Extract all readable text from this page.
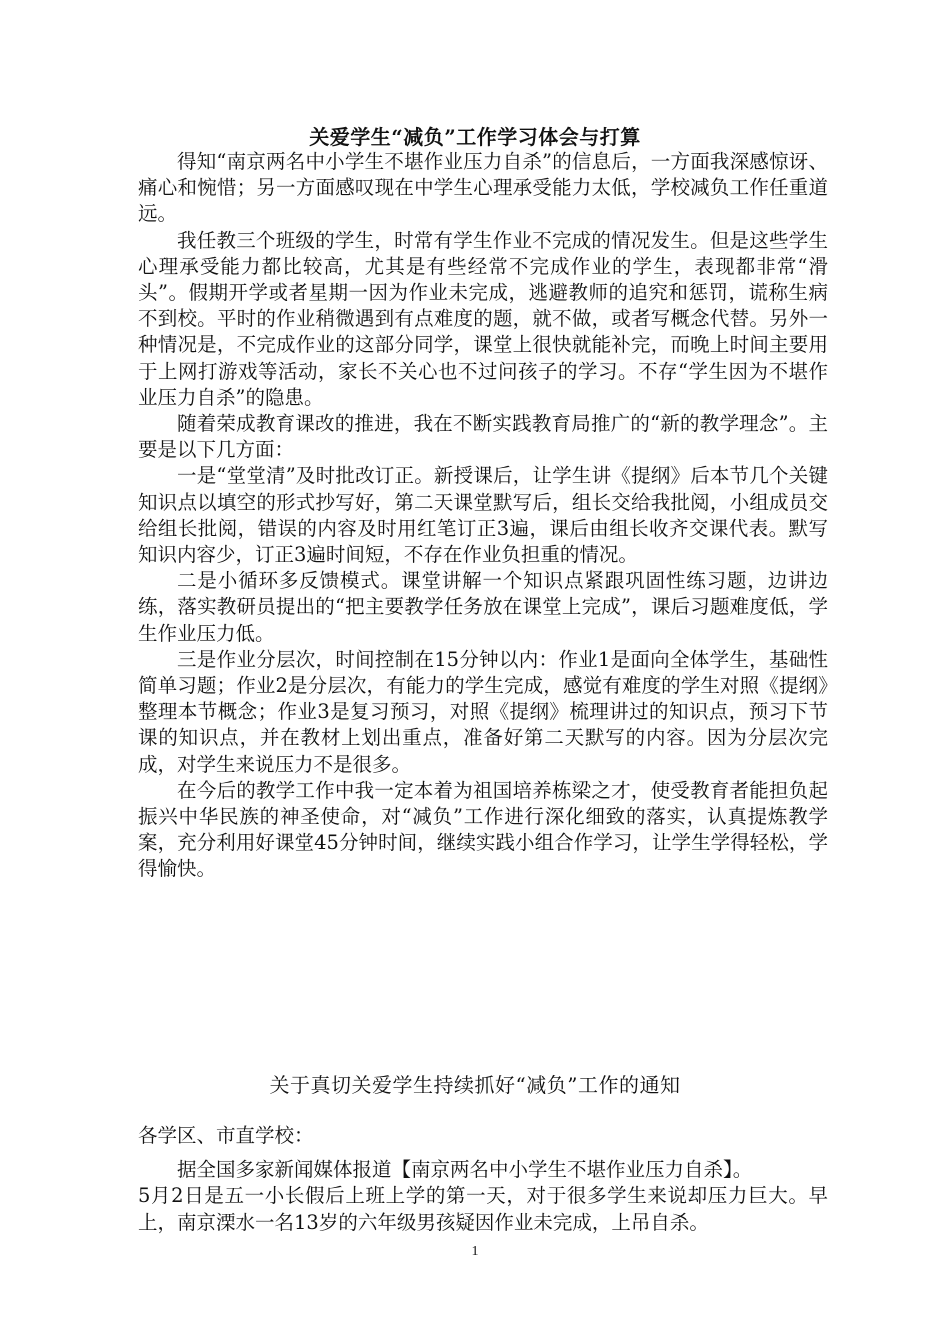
关爱学生“减负”工作学习体会与打算

得知“南京两名中小学生不堪作业压力自杀”的信息后，一方面我深感惊讶、痛心和惋惜；另一方面感叹现在中学生心理承受能力太低，学校减负工作任重道远。

我任教三个班级的学生，时常有学生作业不完成的情况发生。但是这些学生心理承受能力都比较高，尤其是有些经常不完成作业的学生，表现都非常“滑头”。假期开学或者星期一因为作业未完成，逃避教师的追究和惩罚，谎称生病不到校。平时的作业稍微遇到有点难度的题，就不做，或者写概念代替。另外一种情况是，不完成作业的这部分同学，课堂上很快就能补完，而晚上时间主要用于上网打游戏等活动，家长不关心也不过问孩子的学习。不存“学生因为不堪作业压力自杀”的隐患。

随着荣成教育课改的推进，我在不断实践教育局推广的“新的教学理念”。主要是以下几方面：

一是“堂堂清”及时批改订正。新授课后，让学生讲《提纲》后本节几个关键知识点以填空的形式抄写好，第二天课堂默写后，组长交给我批阅，小组成员交给组长批阅，错误的内容及时用红笔订正3遍，课后由组长收齐交课代表。默写知识内容少，订正3遍时间短，不存在作业负担重的情况。

二是小循环多反馈模式。课堂讲解一个知识点紧跟巩固性练习题，边讲边练，落实教研员提出的“把主要教学任务放在课堂上完成”，课后习题难度低，学生作业压力低。

三是作业分层次，时间控制在15分钟以内：作业1是面向全体学生，基础性简单习题；作业2是分层次，有能力的学生完成，感觉有难度的学生对照《提纲》整理本节概念；作业3是复习预习，对照《提纲》梳理讲过的知识点，预习下节课的知识点，并在教材上划出重点，准备好第二天默写的内容。因为分层次完成，对学生来说压力不是很多。

在今后的教学工作中我一定本着为祖国培养栋梁之才，使受教育者能担负起振兴中华民族的神圣使命，对“减负”工作进行深化细致的落实，认真提炼教学案，充分利用好课堂45分钟时间，继续实践小组合作学习，让学生学得轻松，学得愉快。

关于真切关爱学生持续抓好“减负”工作的通知

各学区、市直学校：

据全国多家新闻媒体报道【南京两名中小学生不堪作业压力自杀】。

5月2日是五一小长假后上班上学的第一天，对于很多学生来说却压力巨大。早上，南京溧水一名13岁的六年级男孩疑因作业未完成，上吊自杀。

1
